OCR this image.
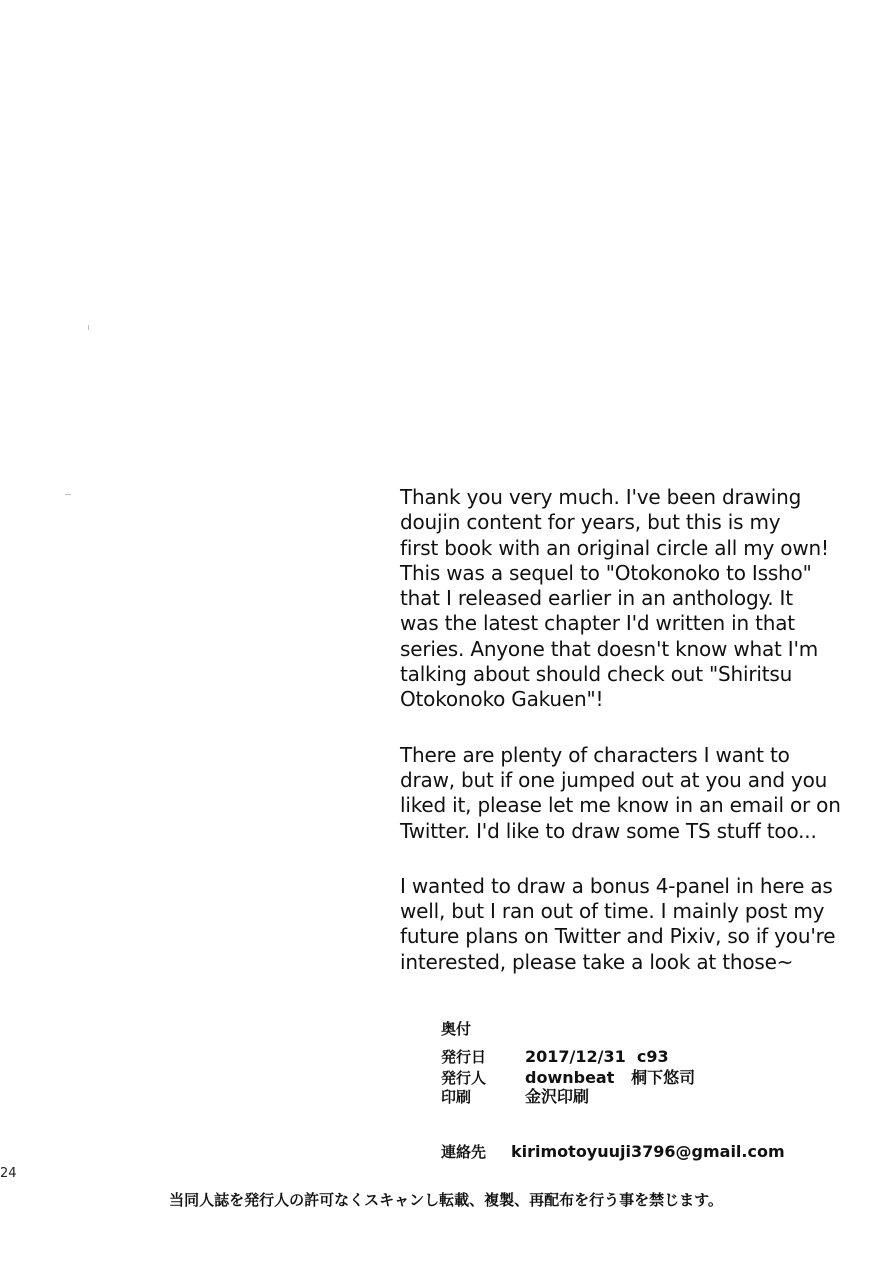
Thank you very much. I've been drawing
doujin content for years, but this is my
first book with an original circle all my own!
This was a sequel to "Otokonoko to Issho"
that I released earlier in an anthology. It
was the latest chapter I'd written in that
series. Anyone that doesn't know what I'm
talking about should check out "Shiritsu
Otokonoko Gakuen"!
There are plenty of characters I want to
draw, but if one jumped out at you and you
liked it, please let me know in an email or on
Twitter. I'd like to draw some TS stuff too...
I wanted to draw a bonus 4-panel in here as
well, but I ran out of time. I mainly post my
future plans on Twitter and Pixiv, so if you're
interested, please take a look at those~
奥付
発行日	2017/12/31  c93
発行人	downbeat   桐下悠司
印刷	金沢印刷
連絡先	kirimotoyuuji3796@gmail.com
24
当同人誌を発行人の許可なくスキャンし転載、複製、再配布を行う事を禁じます。
